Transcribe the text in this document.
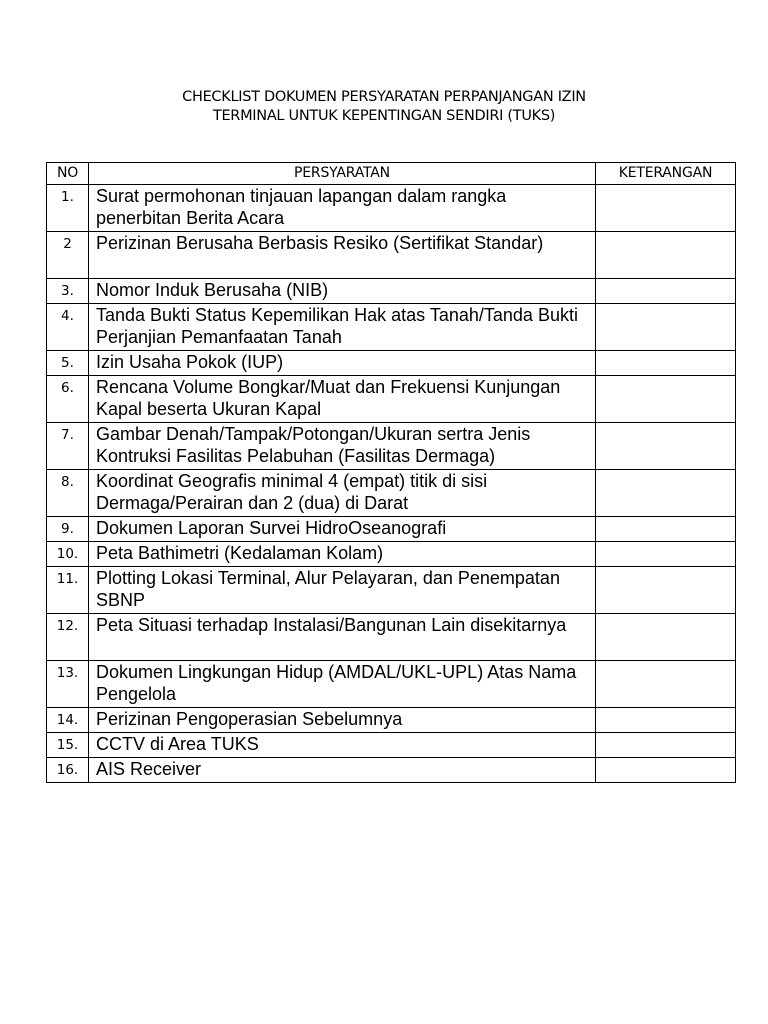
CHECKLIST DOKUMEN PERSYARATAN PERPANJANGAN IZIN
TERMINAL UNTUK KEPENTINGAN SENDIRI (TUKS)
NO	PERSYARATAN	KETERANGAN
1.	Surat permohonan tinjauan lapangan dalam rangka penerbitan Berita Acara	
2	Perizinan Berusaha Berbasis Resiko (Sertifikat Standar)	
3.	Nomor Induk Berusaha (NIB)	
4.	Tanda Bukti Status Kepemilikan Hak atas Tanah/Tanda Bukti Perjanjian Pemanfaatan Tanah	
5.	Izin Usaha Pokok (IUP)	
6.	Rencana Volume Bongkar/Muat dan Frekuensi Kunjungan Kapal beserta Ukuran Kapal	
7.	Gambar Denah/Tampak/Potongan/Ukuran sertra Jenis Kontruksi Fasilitas Pelabuhan (Fasilitas Dermaga)	
8.	Koordinat Geografis minimal 4 (empat) titik di sisi Dermaga/Perairan dan 2 (dua) di Darat	
9.	Dokumen Laporan Survei HidroOseanografi	
10.	Peta Bathimetri (Kedalaman Kolam)	
11.	Plotting Lokasi Terminal, Alur Pelayaran, dan Penempatan SBNP	
12.	Peta Situasi terhadap Instalasi/Bangunan Lain disekitarnya	
13.	Dokumen Lingkungan Hidup (AMDAL/UKL-UPL) Atas Nama Pengelola	
14.	Perizinan Pengoperasian Sebelumnya	
15.	CCTV di Area TUKS	
16.	AIS Receiver	
